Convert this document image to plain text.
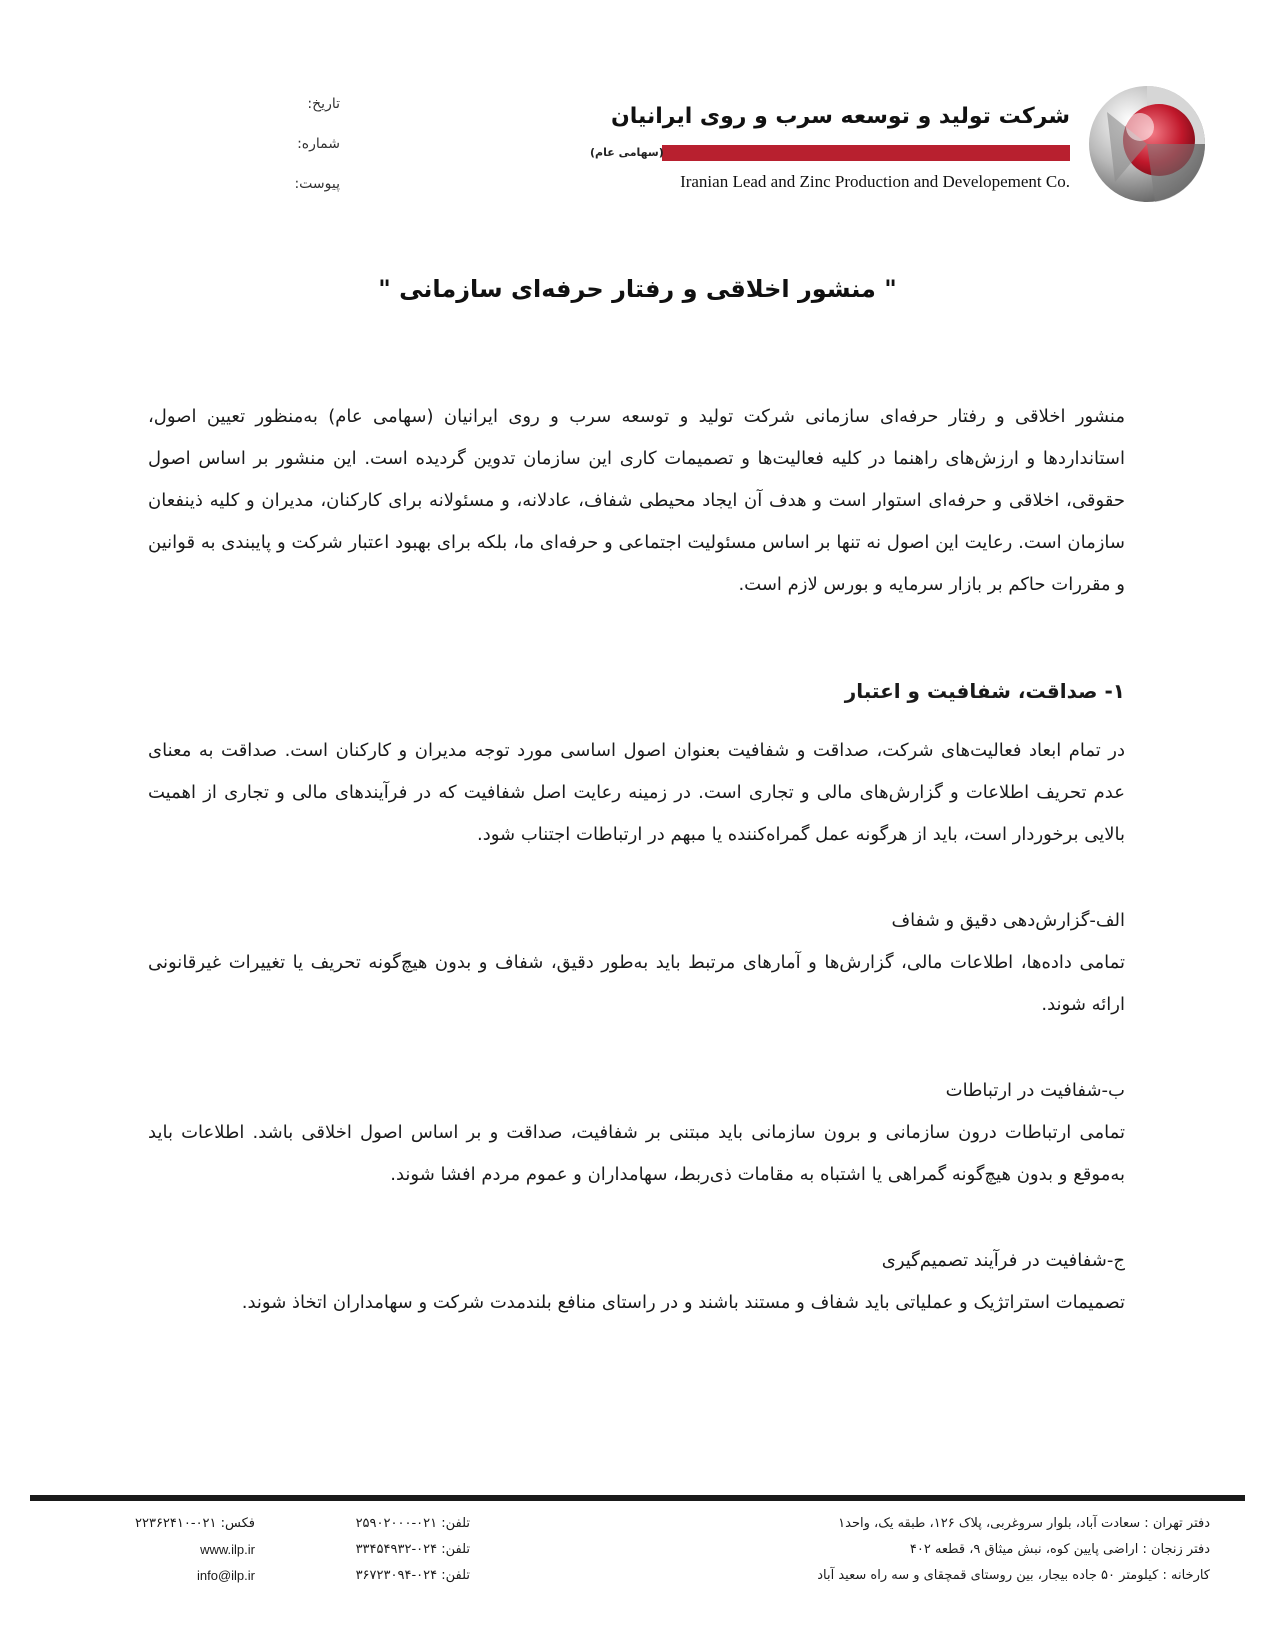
شرکت تولید و توسعه سرب و روی ایرانیان
(سهامی عام)
Iranian Lead and Zinc Production and Developement Co.
تاریخ:
شماره:
پیوست:
" منشور اخلاقی و رفتار حرفه‌ای سازمانی "

منشور اخلاقی و رفتار حرفه‌ای سازمانی شرکت تولید و توسعه سرب و روی ایرانیان (سهامی عام) به‌منظور تعیین اصول، استانداردها و ارزش‌های راهنما در کلیه فعالیت‌ها و تصمیمات کاری این سازمان تدوین گردیده است. این منشور بر اساس اصول حقوقی، اخلاقی و حرفه‌ای استوار است و هدف آن ایجاد محیطی شفاف، عادلانه، و مسئولانه برای کارکنان، مدیران و کلیه ذینفعان سازمان است. رعایت این اصول نه تنها بر اساس مسئولیت اجتماعی و حرفه‌ای ما، بلکه برای بهبود اعتبار شرکت و پایبندی به قوانین و مقررات حاکم بر بازار سرمایه و بورس لازم است.

۱- صداقت، شفافیت و اعتبار

در تمام ابعاد فعالیت‌های شرکت، صداقت و شفافیت بعنوان اصول اساسی مورد توجه مدیران و کارکنان است. صداقت به معنای عدم تحریف اطلاعات و گزارش‌های مالی و تجاری است. در زمینه رعایت اصل شفافیت که در فرآیندهای مالی و تجاری از اهمیت بالایی برخوردار است، باید از هرگونه عمل گمراه‌کننده یا مبهم در ارتباطات اجتناب شود.

الف-گزارش‌دهی دقیق و شفاف

تمامی داده‌ها، اطلاعات مالی، گزارش‌ها و آمارهای مرتبط باید به‌طور دقیق، شفاف و بدون هیچ‌گونه تحریف یا تغییرات غیرقانونی ارائه شوند.

ب-شفافیت در ارتباطات

تمامی ارتباطات درون سازمانی و برون سازمانی باید مبتنی بر شفافیت، صداقت و بر اساس اصول اخلاقی باشد. اطلاعات باید به‌موقع و بدون هیچ‌گونه گمراهی یا اشتباه به مقامات ذی‌ربط، سهامداران و عموم مردم افشا شوند.

ج-شفافیت در فرآیند تصمیم‌گیری

تصمیمات استراتژیک و عملیاتی باید شفاف و مستند باشند و در راستای منافع بلندمدت شرکت و سهامداران اتخاذ شوند.

دفتر تهران : سعادت آباد، بلوار سروغربی، پلاک ۱۲۶، طبقه یک، واحد۱
دفتر زنجان : اراضی پایین کوه، نبش میثاق ۹، قطعه ۴۰۲
کارخانه : کیلومتر ۵۰ جاده بیجار، بین روستای قمچقای و سه راه سعید آباد
تلفن: ۰۲۱-۲۵۹۰۲۰۰۰
تلفن: ۰۲۴-۳۳۴۵۴۹۳۲
تلفن: ۰۲۴-۳۶۷۲۳۰۹۴
فکس: ۰۲۱-۲۲۳۶۲۴۱۰
www.ilp.ir
info@ilp.ir
